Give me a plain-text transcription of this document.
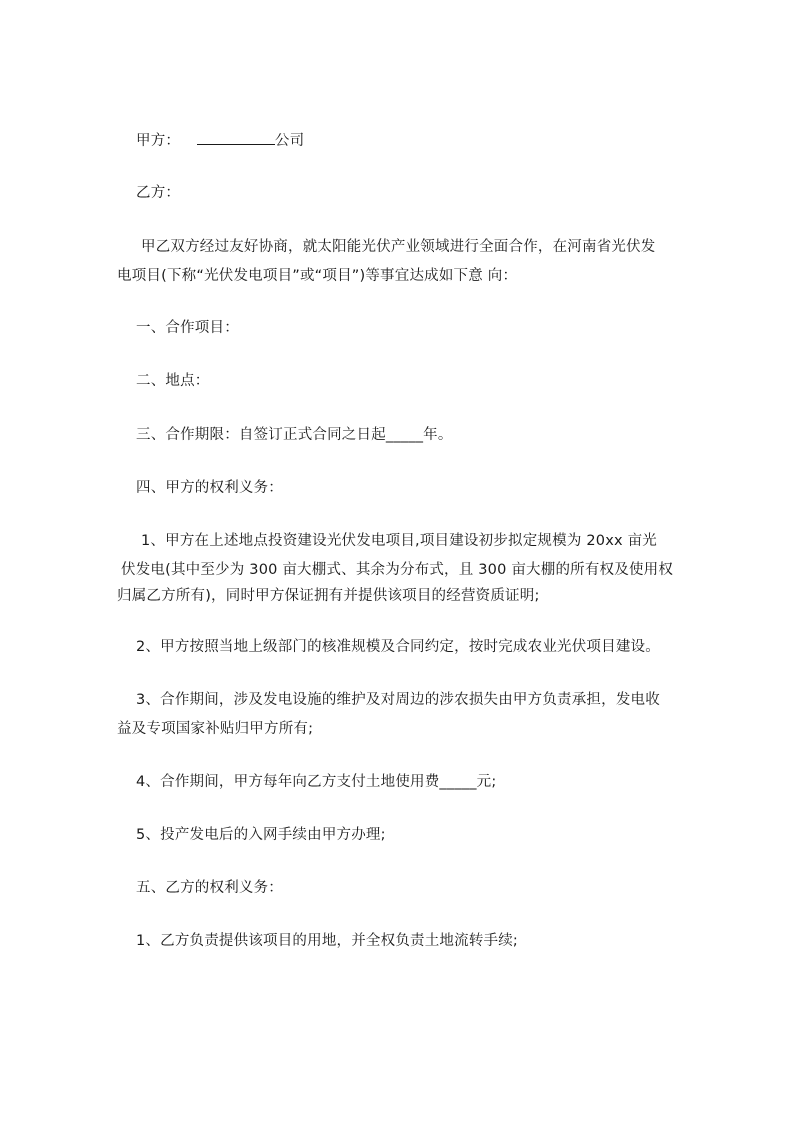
甲方：	公司
乙方：
甲乙双方经过友好协商，就太阳能光伏产业领域进行全面合作，在河南省光伏发
电项目(下称“光伏发电项目”或“项目”)等事宜达成如下意 向：
一、合作项目：
二、地点：
三、合作期限：自签订正式合同之日起_____年。
四、甲方的权利义务：
1、甲方在上述地点投资建设光伏发电项目,项目建设初步拟定规模为 20xx 亩光
伏发电(其中至少为 300 亩大棚式、其余为分布式，且 300 亩大棚的所有权及使用权
归属乙方所有)，同时甲方保证拥有并提供该项目的经营资质证明;
2、甲方按照当地上级部门的核准规模及合同约定，按时完成农业光伏项目建设。
3、合作期间，涉及发电设施的维护及对周边的涉农损失由甲方负责承担，发电收
益及专项国家补贴归甲方所有;
4、合作期间，甲方每年向乙方支付土地使用费_____元;
5、投产发电后的入网手续由甲方办理;
五、乙方的权利义务：
1、乙方负责提供该项目的用地，并全权负责土地流转手续;
